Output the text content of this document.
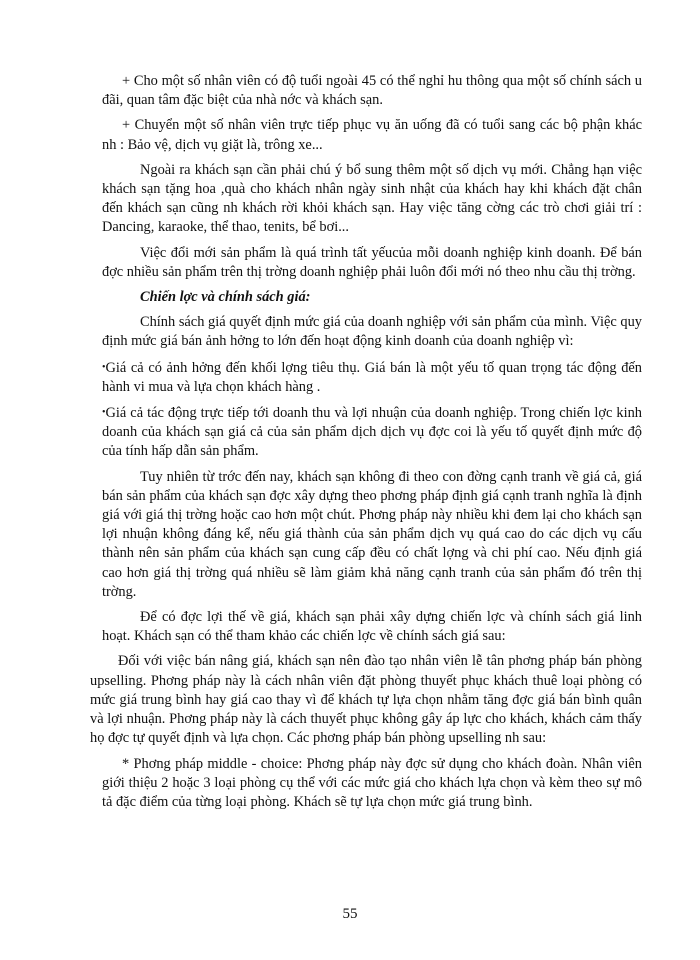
+ Cho một số nhân viên có độ tuổi ngoài 45 có thể nghỉ hu thông qua một số chính sách u đãi, quan tâm đặc biệt của nhà nớc và khách sạn.

+ Chuyển một số nhân viên trực tiếp phục vụ ăn uống đã có tuổi sang các bộ phận khác nh : Bảo vệ, dịch vụ giặt là, trông xe...

Ngoài ra khách sạn cần phải chú ý bổ sung thêm một số dịch vụ mới. Chẳng hạn việc khách sạn tặng hoa ,quà cho khách nhân ngày sinh nhật của khách hay khi khách đặt chân đến khách sạn cũng nh khách rời khỏi khách sạn. Hay việc tăng cờng các trò chơi giải trí : Dancing, karaoke, thể thao, tenits, bể bơi...

Việc đổi mới sản phẩm là quá trình tất yếucủa mỗi doanh nghiệp kinh doanh. Để bán đợc nhiều sản phẩm trên thị trờng doanh nghiệp phải luôn đổi mới nó theo nhu cầu thị trờng.

Chiến lợc và chính sách giá:

Chính sách giá quyết định mức giá của doanh nghiệp với sản phẩm của mình. Việc quy định mức giá bán ảnh hởng to lớn đến hoạt động kinh doanh của doanh nghiệp vì:

•Giá cả có ảnh hởng đến khối lợng tiêu thụ. Giá bán là một yếu tố quan trọng tác động đến hành vi mua và lựa chọn khách hàng .

•Giá cả tác động trực tiếp tới doanh thu và lợi nhuận của doanh nghiệp. Trong chiến lợc kinh doanh của khách sạn giá cả của sản phẩm dịch dịch vụ đợc coi là yếu tố quyết định mức độ của tính hấp dẫn sản phẩm.

Tuy nhiên từ trớc đến nay, khách sạn không đi theo con đờng cạnh tranh về giá cả, giá bán sản phẩm của khách sạn đợc xây dựng theo phơng pháp định giá cạnh tranh nghĩa là định giá với giá thị trờng hoặc cao hơn một chút. Phơng pháp này nhiều khi đem lại cho khách sạn lợi nhuận không đáng kể, nếu giá thành của sản phẩm dịch vụ quá cao do các dịch vụ cấu thành nên sản phẩm của khách sạn cung cấp đều có chất lợng và chi phí cao. Nếu định giá cao hơn giá thị trờng quá nhiều sẽ làm giảm khả năng cạnh tranh của sản phẩm đó trên thị trờng.

Để có đợc lợi thế về giá, khách sạn phải xây dựng chiến lợc và chính sách giá linh hoạt. Khách sạn có thể tham khảo các chiến lợc về chính sách giá sau:

Đối với việc bán nâng giá, khách sạn nên đào tạo nhân viên lễ tân phơng pháp bán phòng upselling. Phơng pháp này là cách nhân viên đặt phòng thuyết phục khách thuê loại phòng có mức giá trung bình hay giá cao thay vì để khách tự lựa chọn nhằm tăng đợc giá bán bình quân và lợi nhuận. Phơng pháp này là cách thuyết phục không gây áp lực cho khách, khách cảm thấy họ đợc tự quyết định và lựa chọn. Các phơng pháp bán phòng upselling nh sau:

* Phơng pháp middle - choice: Phơng pháp này đợc sử dụng cho khách đoàn. Nhân viên giới thiệu 2 hoặc 3 loại phòng cụ thể với các mức giá cho khách lựa chọn và kèm theo sự mô tả đặc điểm của từng loại phòng. Khách sẽ tự lựa chọn mức giá trung bình.

55
